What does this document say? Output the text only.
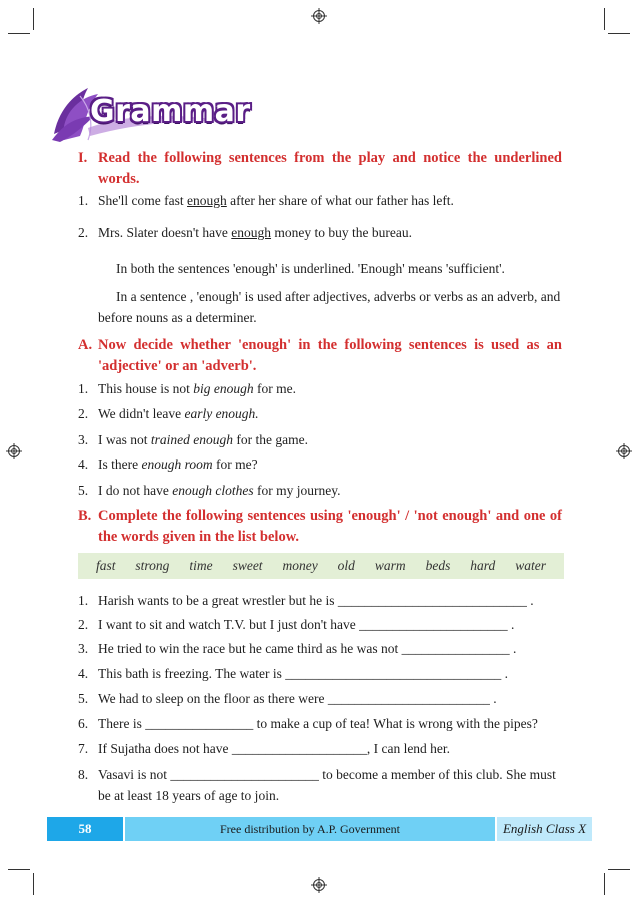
Grammar
I. Read the following sentences from the play and notice the underlined words.
1. She'll come fast enough after her share of what our father has left.
2. Mrs. Slater doesn't have enough money to buy the bureau.
In both the sentences 'enough' is underlined. 'Enough' means 'sufficient'.
In a sentence , 'enough' is used after adjectives, adverbs or verbs as an adverb, and before nouns as a determiner.
A. Now decide whether 'enough' in the following sentences is used as an 'adjective' or an 'adverb'.
1. This house is not big enough for me.
2. We didn't leave early enough.
3. I was not trained enough for the game.
4. Is there enough room for me?
5. I do not have enough clothes for my journey.
B. Complete the following sentences using 'enough' / 'not enough' and one of the words given in the list below.
fast strong time sweet money old warm beds hard water
1. Harish wants to be a great wrestler but he is ____________________________ .
2. I want to sit and watch T.V. but I just don't have ______________________ .
3. He tried to win the race but he came third as he was not ________________ .
4. This bath is freezing. The water is ________________________________ .
5. We had to sleep on the floor as there were ________________________ .
6. There is ________________ to make a cup of tea! What is wrong with the pipes?
7. If Sujatha does not have ____________________, I can lend her.
8. Vasavi is not ______________________ to become a member of this club. She must be at least 18 years of age to join.
58	Free distribution by A.P. Government	English Class X
